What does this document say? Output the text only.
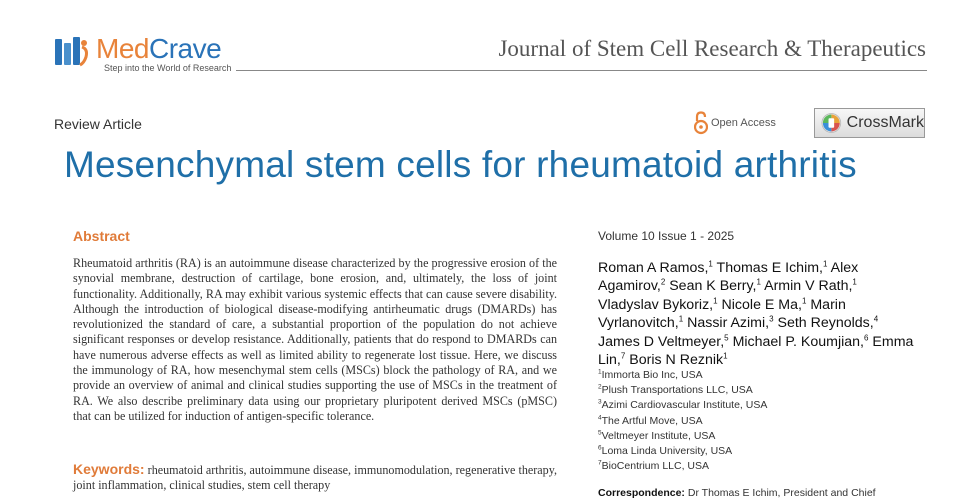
MedCrave
Step into the World of Research
Journal of Stem Cell Research & Therapeutics
Review Article	Open Access	CrossMark
Mesenchymal stem cells for rheumatoid arthritis
Abstract
Rheumatoid arthritis (RA) is an autoimmune disease characterized by the progressive erosion of the synovial membrane, destruction of cartilage, bone erosion, and, ultimately, the loss of joint functionality. Additionally, RA may exhibit various systemic effects that can cause severe disability. Although the introduction of biological disease-modifying antirheumatic drugs (DMARDs) has revolutionized the standard of care, a substantial proportion of the population do not achieve significant responses or develop resistance. Additionally, patients that do respond to DMARDs can have numerous adverse effects as well as limited ability to regenerate lost tissue. Here, we discuss the immunology of RA, how mesenchymal stem cells (MSCs) block the pathology of RA, and we provide an overview of animal and clinical studies supporting the use of MSCs in the treatment of RA. We also describe preliminary data using our proprietary pluripotent derived MSCs (pMSC) that can be utilized for induction of antigen-specific tolerance.
Keywords: rheumatoid arthritis, autoimmune disease, immunomodulation, regenerative therapy, joint inflammation, clinical studies, stem cell therapy
Volume 10 Issue 1 - 2025
Roman A Ramos,$^1$ Thomas E Ichim,$^1$ Alex Agamirov,$^2$ Sean K Berry,$^1$ Armin V Rath,$^1$ Vladyslav Bykoriz,$^1$ Nicole E Ma,$^1$ Marin Vyrlanovitch,$^1$ Nassir Azimi,$^3$ Seth Reynolds,$^4$ James D Veltmeyer,$^5$ Michael P. Koumjian,$^6$ Emma Lin,$^7$ Boris N Reznik$^1$
$^1$Immorta Bio Inc, USA
$^2$Plush Transportations LLC, USA
$^3$Azimi Cardiovascular Institute, USA
$^4$The Artful Move, USA
$^5$Veltmeyer Institute, USA
$^6$Loma Linda University, USA
$^7$BioCentrium LLC, USA
Correspondence: Dr Thomas E Ichim, President and Chief
